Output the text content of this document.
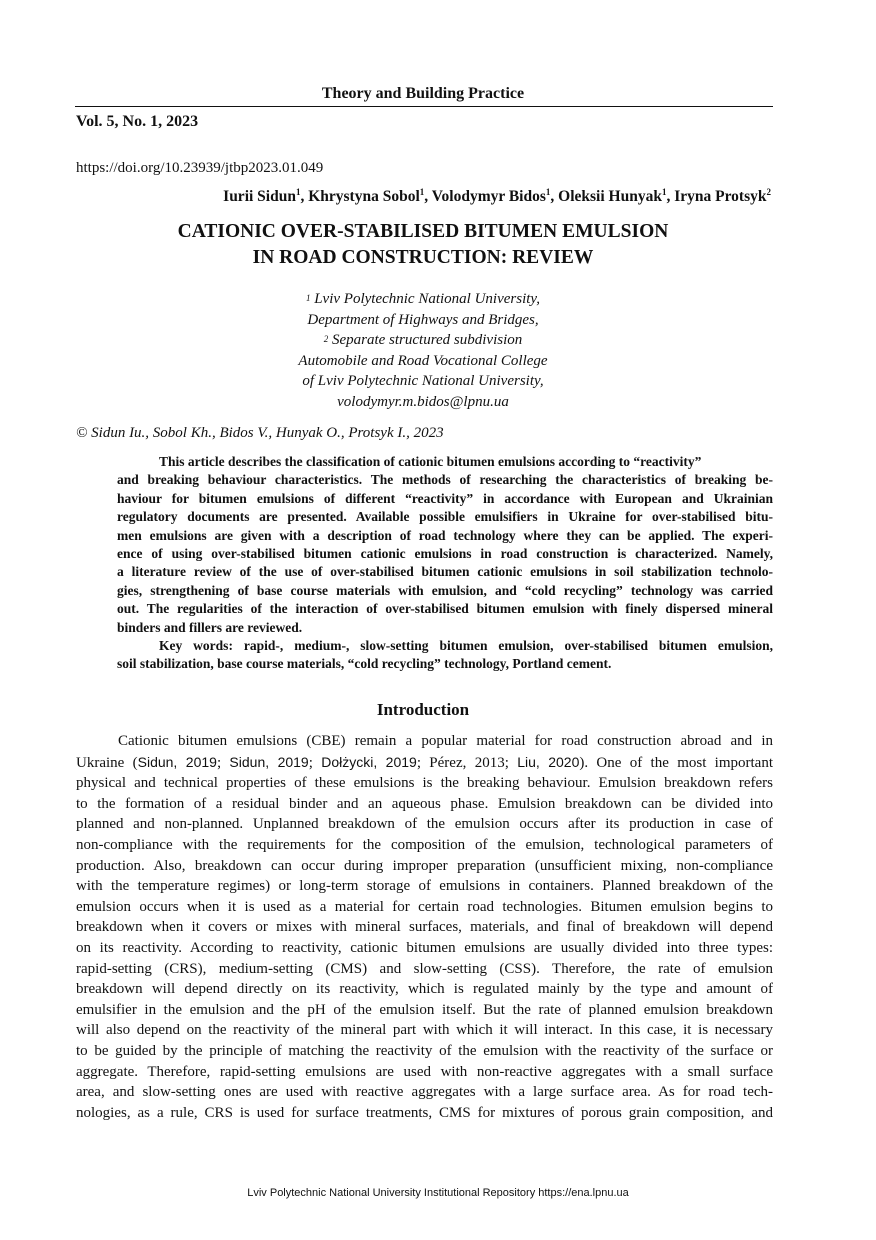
Theory and Building Practice
Vol. 5, No. 1, 2023
https://doi.org/10.23939/jtbp2023.01.049
Iurii Sidun$^1$, Khrystyna Sobol$^1$, Volodymyr Bidos$^1$, Oleksii Hunyak$^1$, Iryna Protsyk$^2$
CATIONIC OVER-STABILISED BITUMEN EMULSION
IN ROAD CONSTRUCTION: REVIEW
$^1$ Lviv Polytechnic National University,
Department of Highways and Bridges,
$^2$ Separate structured subdivision
Automobile and Road Vocational College
of Lviv Polytechnic National University,
volodymyr.m.bidos@lpnu.ua
© Sidun Iu., Sobol Kh., Bidos V., Hunyak O., Protsyk I., 2023
This article describes the classification of cationic bitumen emulsions according to “reactivity”
and breaking behaviour characteristics. The methods of researching the characteristics of breaking be-
haviour for bitumen emulsions of different “reactivity” in accordance with European and Ukrainian
regulatory documents are presented. Available possible emulsifiers in Ukraine for over-stabilised bitu-
men emulsions are given with a description of road technology where they can be applied. The experi-
ence of using over-stabilised bitumen cationic emulsions in road construction is characterized. Namely,
a literature review of the use of over-stabilised bitumen cationic emulsions in soil stabilization technolo-
gies, strengthening of base course materials with emulsion, and “cold recycling” technology was carried
out. The regularities of the interaction of over-stabilised bitumen emulsion with finely dispersed mineral
binders and fillers are reviewed.
Key words: rapid-, medium-, slow-setting bitumen emulsion, over-stabilised bitumen emulsion,
soil stabilization, base course materials, “cold recycling” technology, Portland cement.
Introduction
Cationic bitumen emulsions (CBE) remain a popular material for road construction abroad and in
Ukraine (Sidun, 2019; Sidun, 2019; Dołżycki, 2019; Pérez, 2013; Liu, 2020). One of the most important
physical and technical properties of these emulsions is the breaking behaviour. Emulsion breakdown refers
to the formation of a residual binder and an aqueous phase. Emulsion breakdown can be divided into
planned and non-planned. Unplanned breakdown of the emulsion occurs after its production in case of
non-compliance with the requirements for the composition of the emulsion, technological parameters of
production. Also, breakdown can occur during improper preparation (unsufficient mixing, non-compliance
with the temperature regimes) or long-term storage of emulsions in containers. Planned breakdown of the
emulsion occurs when it is used as a material for certain road technologies. Bitumen emulsion begins to
breakdown when it covers or mixes with mineral surfaces, materials, and final of breakdown will depend
on its reactivity. According to reactivity, cationic bitumen emulsions are usually divided into three types:
rapid-setting (CRS), medium-setting (CMS) and slow-setting (CSS). Therefore, the rate of emulsion
breakdown will depend directly on its reactivity, which is regulated mainly by the type and amount of
emulsifier in the emulsion and the pH of the emulsion itself. But the rate of planned emulsion breakdown
will also depend on the reactivity of the mineral part with which it will interact. In this case, it is necessary
to be guided by the principle of matching the reactivity of the emulsion with the reactivity of the surface or
aggregate. Therefore, rapid-setting emulsions are used with non-reactive aggregates with a small surface
area, and slow-setting ones are used with reactive aggregates with a large surface area. As for road tech-
nologies, as a rule, CRS is used for surface treatments, CMS for mixtures of porous grain composition, and
Lviv Polytechnic National University Institutional Repository https://ena.lpnu.ua
